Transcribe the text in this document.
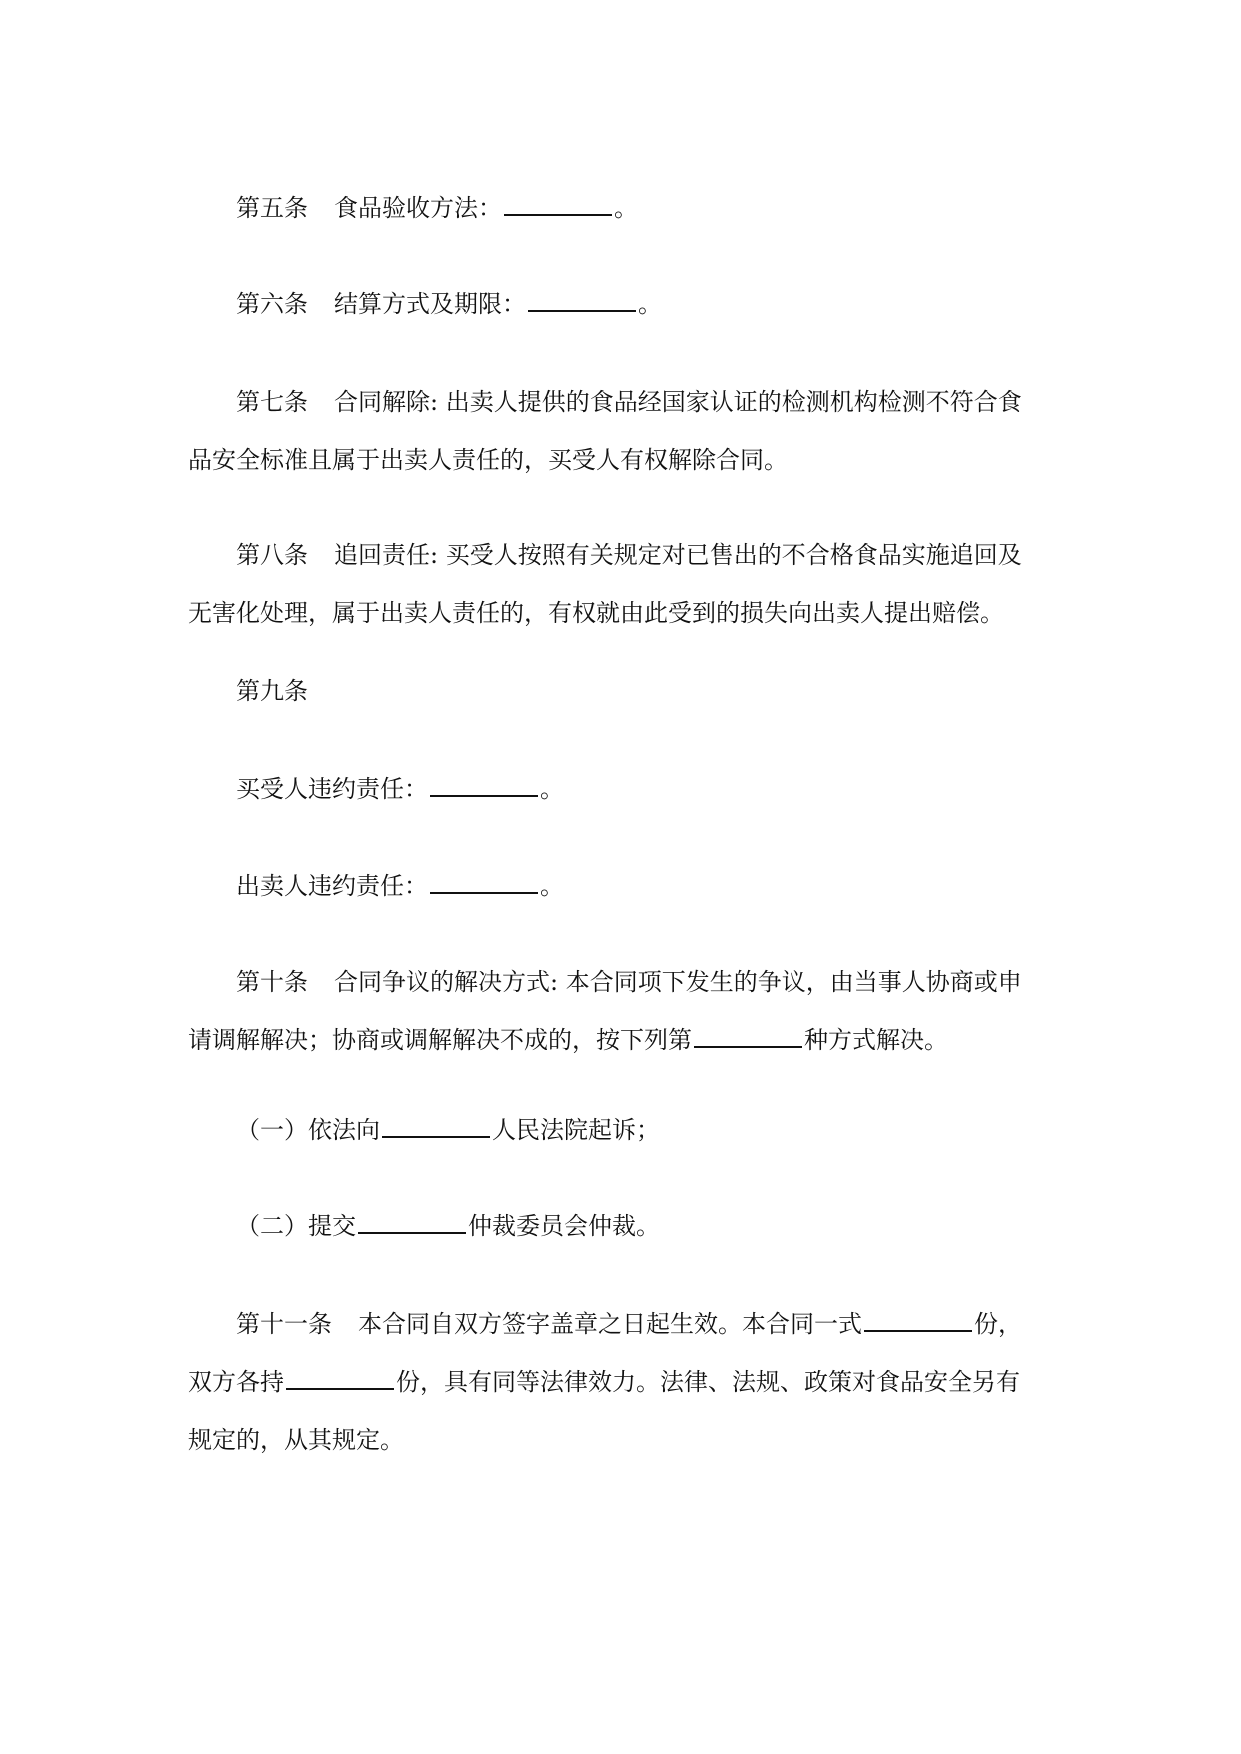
第五条 食品验收方法：	。

第六条 结算方式及期限：	。

第七条 合同解除: 出卖人提供的食品经国家认证的检测机构检测不符合食
品安全标准且属于出卖人责任的，买受人有权解除合同。

第八条 追回责任: 买受人按照有关规定对已售出的不合格食品实施追回及
无害化处理，属于出卖人责任的，有权就由此受到的损失向出卖人提出赔偿。

第九条

买受人违约责任：	。

出卖人违约责任：	。

第十条 合同争议的解决方式: 本合同项下发生的争议，由当事人协商或申
请调解解决；协商或调解解决不成的，按下列第	种方式解决。

（一）依法向	人民法院起诉；

（二）提交	仲裁委员会仲裁。

第十一条 本合同自双方签字盖章之日起生效。本合同一式	份，
双方各持	份，具有同等法律效力。法律、法规、政策对食品安全另有
规定的，从其规定。
